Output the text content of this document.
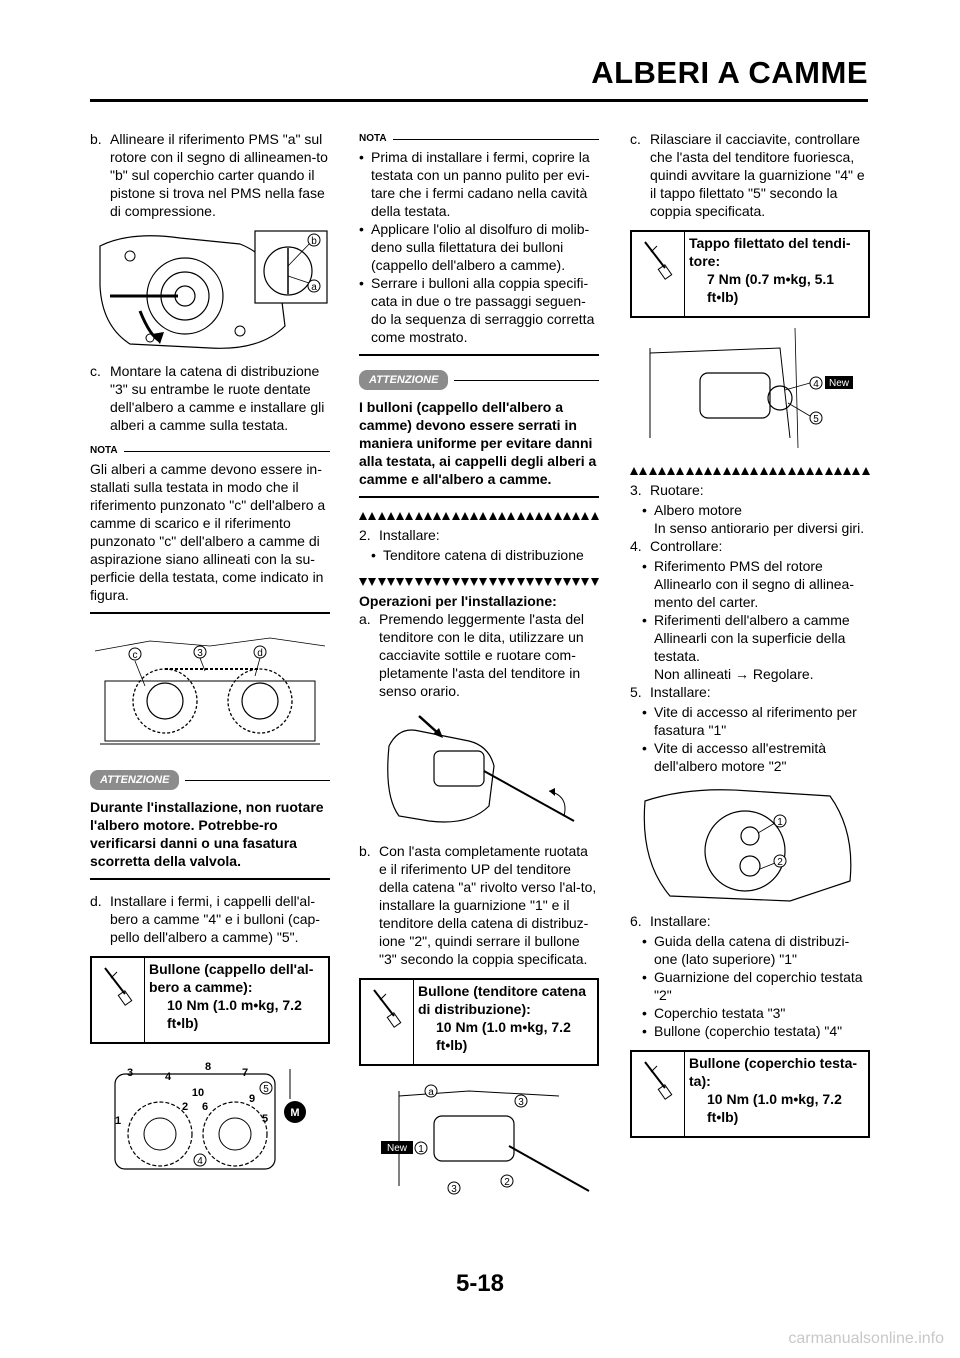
ALBERI A CAMME
b. Allineare il riferimento PMS "a" sul rotore con il segno di allineamen-to "b" sul coperchio carter quando il pistone si trova nel PMS nella fase di compressione.
b
a
c. Montare la catena di distribuzione "3" su entrambe le ruote dentate dell'albero a camme e installare gli alberi a camme sulla testata.
NOTA
Gli alberi a camme devono essere in-stallati sulla testata in modo che il riferimento punzonato "c" dell'albero a camme di scarico e il riferimento punzonato "c" dell'albero a camme di aspirazione siano allineati con la su-perficie della testata, come indicato in figura.
c	3	d
ATTENZIONE
Durante l'installazione, non ruotare l'albero motore. Potrebbe-ro verificarsi danni o una fasatura scorretta della valvola.
d. Installare i fermi, i cappelli dell'al-bero a camme "4" e i bulloni (cap-pello dell'albero a camme) "5".
Bullone (cappello dell'al-bero a camme):
10 Nm (1.0 m•kg, 7.2 ft•lb)
3	4
8	7
10
2 6
9
1	5
5
4
M
NOTA
• Prima di installare i fermi, coprire la testata con un panno pulito per evi-tare che i fermi cadano nella cavità della testata.
• Applicare l'olio al disolfuro di molib-deno sulla filettatura dei bulloni (cappello dell'albero a camme).
• Serrare i bulloni alla coppia specifi-cata in due o tre passaggi seguen-do la sequenza di serraggio corretta come mostrato.
ATTENZIONE
I bulloni (cappello dell'albero a camme) devono essere serrati in maniera uniforme per evitare danni alla testata, ai cappelli degli alberi a camme e all'albero a camme.
2. Installare:
• Tenditore catena di distribuzione
Operazioni per l'installazione:
a. Premendo leggermente l'asta del tenditore con le dita, utilizzare un cacciavite sottile e ruotare com-pletamente l'asta del tenditore in senso orario.
b. Con l'asta completamente ruotata e il riferimento UP del tenditore della catena "a" rivolto verso l'al-to, installare la guarnizione "1" e il tenditore della catena di distribuz-ione "2", quindi serrare il bullone "3" secondo la coppia specificata.
Bullone (tenditore catena di distribuzione):
10 Nm (1.0 m•kg, 7.2 ft•lb)
New
a
3
1
3
2
c. Rilasciare il cacciavite, controllare che l'asta del tenditore fuoriesca, quindi avvitare la guarnizione "4" e il tappo filettato "5" secondo la coppia specificata.
Tappo filettato del tendi-tore:
7 Nm (0.7 m•kg, 5.1 ft•lb)
4 New
5
3. Ruotare:
• Albero motore
In senso antiorario per diversi giri.
4. Controllare:
• Riferimento PMS del rotore
Allinearlo con il segno di allinea-mento del carter.
• Riferimenti dell'albero a camme
Allinearli con la superficie della testata.
Non allineati → Regolare.
5. Installare:
• Vite di accesso al riferimento per fasatura "1"
• Vite di accesso all'estremità dell'albero motore "2"
1
2
6. Installare:
• Guida della catena di distribuzi-one (lato superiore) "1"
• Guarnizione del coperchio testata "2"
• Coperchio testata "3"
• Bullone (coperchio testata) "4"
Bullone (coperchio testa-ta):
10 Nm (1.0 m•kg, 7.2 ft•lb)
5-18
carmanualsonline.info
